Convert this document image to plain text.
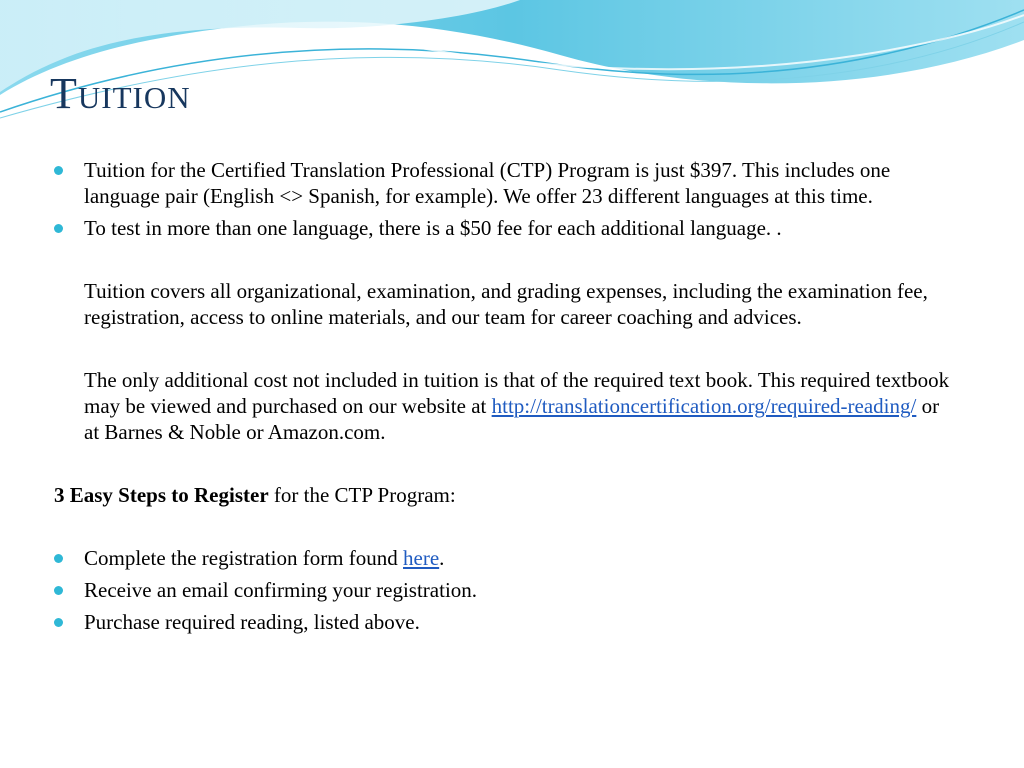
Tuition
Tuition for the Certified Translation Professional (CTP) Program is just $397. This includes one language pair (English <> Spanish, for example). We offer 23 different languages at this time.
To test in more than one language, there is a $50 fee for each additional language. .
Tuition covers all organizational, examination, and grading expenses, including the examination fee, registration, access to online materials, and our team for career coaching and advices.
The only additional cost not included in tuition is that of the required text book. This required textbook may be viewed and purchased on our website at http://translationcertification.org/required-reading/ or at Barnes & Noble or Amazon.com.
3 Easy Steps to Register for the CTP Program:
Complete the registration form found here.
Receive an email confirming your registration.
Purchase required reading, listed above.
